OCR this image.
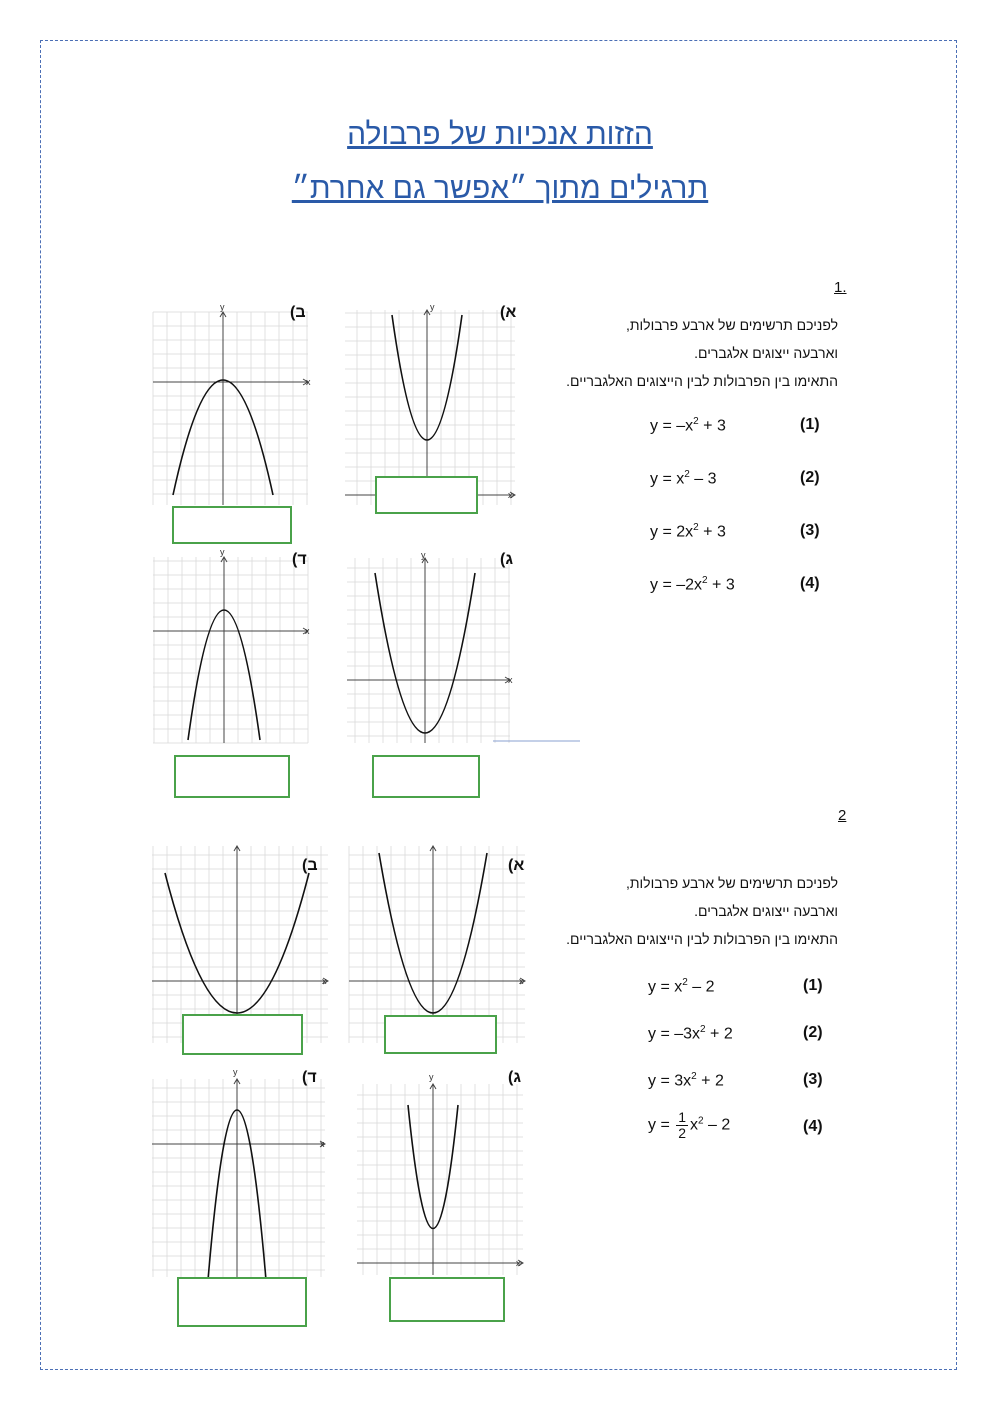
הזזות אנכיות של פרבולה
תרגילים מתוך ״אפשר גם אחרת״
1.
לפניכם תרשימים של ארבע פרבולות,
וארבעה ייצוגים אלגברים.
התאימו בין הפרבולות לבין הייצוגים האלגבריים.
$y = -x^2 + 3$	(1)
$y = x^2 - 3$	(2)
$y = 2x^2 + 3$	(3)
$y = -2x^2 + 3$	(4)
y
x
(א
y
x
(ב
y
x
(ג
y
x
(ד
2
לפניכם תרשימים של ארבע פרבולות,
וארבעה ייצוגים אלגברים.
התאימו בין הפרבולות לבין הייצוגים האלגבריים.
$y = x^2 - 2$	(1)
$y = -3x^2 + 2$	(2)
$y = 3x^2 + 2$	(3)
$y = \frac{1}{2} x^2 - 2$	(4)
x
(א
x
(ב
y
x
(ג
y
x
(ד
